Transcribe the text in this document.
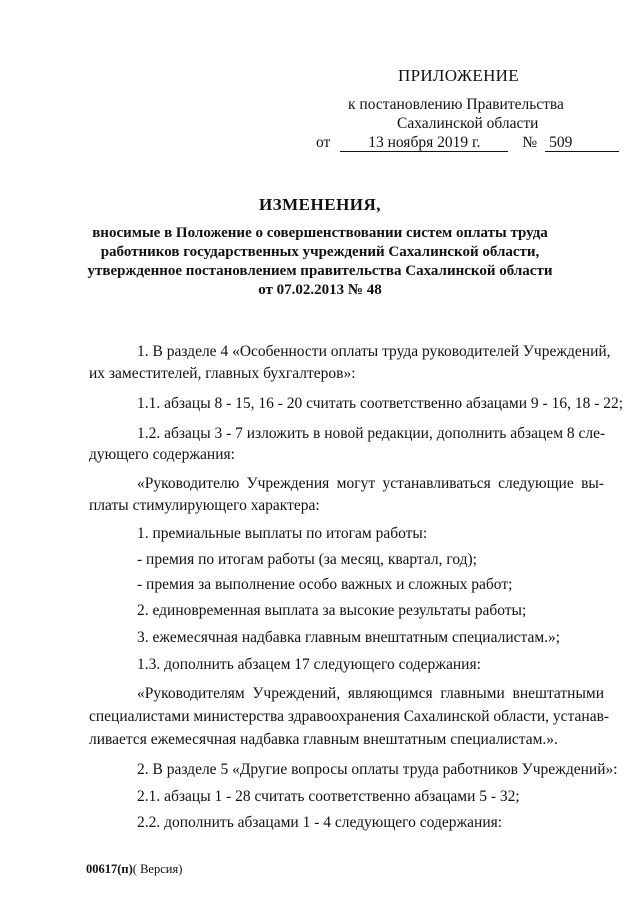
ПРИЛОЖЕНИЕ
к постановлению Правительства
Сахалинской области
от 13 ноября 2019 г.	№ 509
ИЗМЕНЕНИЯ,
вносимые в Положение о совершенствовании систем оплаты труда
работников государственных учреждений Сахалинской области,
утвержденное постановлением правительства Сахалинской области
от 07.02.2013 № 48
1. В разделе 4 «Особенности оплаты труда руководителей Учреждений,
их заместителей, главных бухгалтеров»:
1.1. абзацы 8 - 15, 16 - 20 считать соответственно абзацами 9 - 16, 18 - 22;
1.2. абзацы 3 - 7 изложить в новой редакции, дополнить абзацем 8 сле-
дующего содержания:
«Руководителю Учреждения могут устанавливаться следующие вы-
платы стимулирующего характера:
1. премиальные выплаты по итогам работы:
- премия по итогам работы (за месяц, квартал, год);
- премия за выполнение особо важных и сложных работ;
2. единовременная выплата за высокие результаты работы;
3. ежемесячная надбавка главным внештатным специалистам.»;
1.3. дополнить абзацем 17 следующего содержания:
«Руководителям Учреждений, являющимся главными внештатными
специалистами министерства здравоохранения Сахалинской области, устанав-
ливается ежемесячная надбавка главным внештатным специалистам.».
2. В разделе 5 «Другие вопросы оплаты труда работников Учреждений»:
2.1. абзацы 1 - 28 считать соответственно абзацами 5 - 32;
2.2. дополнить абзацами 1 - 4 следующего содержания:
00617(п)( Версия)
